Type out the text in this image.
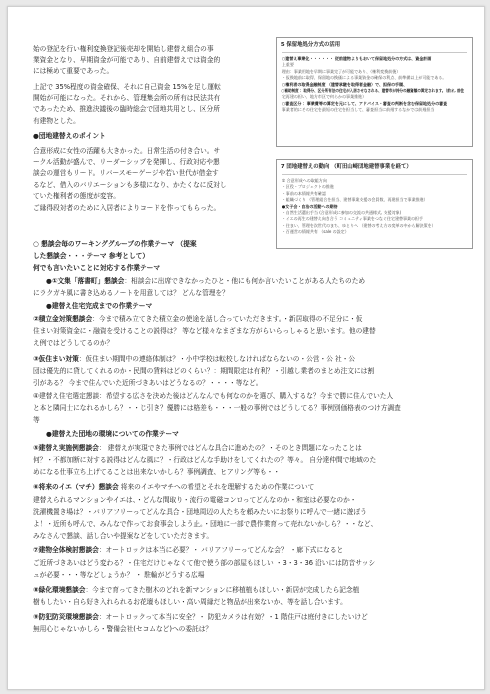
始の登記を行い権利変換登記後売却を開始し建替え組合の事
業資金となり、早期資金が可能であり、自前建替えでは資金的
には極めて重要であった。
上記で 35%程度の資金確保、それに自己資金 15%を足し運転
開始が可能になった。それから、管理集会所の所有は民法共有
であったため、推進決議後の臨時総会で団地共用とし、区分所
有建物とした。
●団地建替えのポイント
合意形成に女性の活躍も大きかった。日常生活の付き合い。サ
ークル活動が盛んで、リーダーシップを発揮し、行政対応や懇
談会の運営もリード。リバースモーゲージや若い世代が借金す
るなど、借入のバリエーションも多様になり、かたくなに反対し
ていた権利者の態度が変容。
ご縁得段対者のために入居者によりコードを作ってもらった。
5 保留地処分方式の活用
○建替え事業化・・・・・・ 従前建物よりもおいて保留地処分の方式は、資金計画
上重要
理由：事業用地を早期に事業完了が可能であり、（権利変換前後）
・仮換地前に取得、保留地の換価による事業資金の確保の利点、前準備以上が可能である。
○権利者の取得金融制度 （建替承継を取得者金融）で、担保の手順、
○補助制度 ：取得分、区分所有法の住宅が入居させなされる、建替市が持分の融資額の算定されます。（前オ, 前住
宅再建の担い、地方市区で何らかの事業推進）
○審査区分 ：事業費等の算定を元にして、アドバイス・審査の判断を含む保留地処分の審査
事業者的にその住宅を最短の住宅を担当して、審査担当に前週するなかでは前週担当
7 団地建替えの動向 （町田山崎団地建替事業を経て）
① 合意形成への取組方向
・区役・プロジェクトの推進
・事前の本情報共有確認
・組織づくり （管理組合を担当、建替事業支援の会員数、再建担当で事業推進）
●女子会・自治の活動への期待
・自然生活選出手当 (合意形成に参加の交流の共通様式, 支援対象)
・イエの再生の建替え向き合う コミュニティ事業をつなぐ住宅建替事業の担手
・住まい、管理を次世代のまち、ゆとりへ （建替の考え方の変革の中から解決策を）
・百運営の情報共有 （sale の設定）
○ 懇談会毎のワーキンググループの作業テーマ （提案
した懇談会・・・テーマ 参考として）
何でも言いたいことに対応する作業テーマ
●①文集「落書町」懇談会：相談会に出席できなかったひと・他にも何か言いたいことがある人たちのため
にラクガキ風に書き込めるノートを用意しては？ どんな管理を？
●建替え住宅完成までの作業テーマ
②積立金対策懇談会：今まで積み立てきた積立金の使途を話し合っていただきます。・新居取得の不足分に・仮
住まい対策資金に・融資を受けることの説得は？ 等など様々なまざまな方がらいらっしゃると思います。他の建替
え例ではどうしてるのか？
③仮住まい対策：仮住まい期間中の連絡体制は？・小中学校は転校しなければならないの・公営・公 社・公
団は優先的に貸してくれるのか・民間の賃料はどのくらい？：期間限定は有利？・引越し業者のまとめ注文には割
引がある？ 今まで住んでいた近所づきあいはどうなるの？・・・・等など。
④建替え住宅選定懇談：希望する広さを決めた後はどんなんでも何なのかを選び、購入するな？今まで勝に住んでいた人
と本と隣同士になれるかしら？・・じ引き？優勝には格差も・・・一般の事例ではどうしてる？事例別価格表のつけ方調査
等
●建替えた団地の環境についての作業テーマ
⑤建替え実施例懇談会： 建替えが実現できた事例ではどんな具合に進めたの？・そのとき問題になったことは
何？・不都加断に対する説得はどんな風に？・行政はどんな手助けをしてくれたの？等々。 自分達仲間で地域のた
めになる仕事立ち上げてることは出来ないかしら？事例調査、ヒアリング等も・・
⑥将来のイエ（マチ）懇談会 将来のイエやマチへの希望とそれを理解するための作業について
建替えられるマンションやイエは、・どんな間取り・流行の電磁コンロってどんなのか・和室は必要なのか・
洗濯機置き場は？・バリアフリーってどんな具合・団地周辺の人たちを頼みたいにお祭りに呼んで一緒に遊ぼう
よ！・近所も呼んで、みんなで作ってお食事会しよう止。・団地に一部で農作業育って売れないかしら？・・など、
みなさんで懇談、話し合いや提案などをしていただきます。
⑦建物全体検討懇談会：オートロックは本当に必要？・ バリアフリーってどんな会？ ・廊下式になると
ご近所づきあいはどう変わる？・住宅だけじゃなくて他で使う部の部屋もほしい ・3・3・36 沿いには防音サッシ
ュが必要・・・等などしょうか？ ・ 駐輪がどうする広場
⑧緑化環境懇談会：今まで育ってきた樹木のどれを新マンションに移植植もほしい・新居が完成したら記念植
樹もしたい・自ら好き入れられるお花壇もほしい・高い周縁だと物品が出来ないか、等を話し合います。
⑨防犯防災環境懇談会：オートロックって本当に安全？・ 防犯カメラは有効？・1 階住戸は庭付きにしたいけど
無用心じゃないかしら・警備会社(セコムなど)への委託は？
